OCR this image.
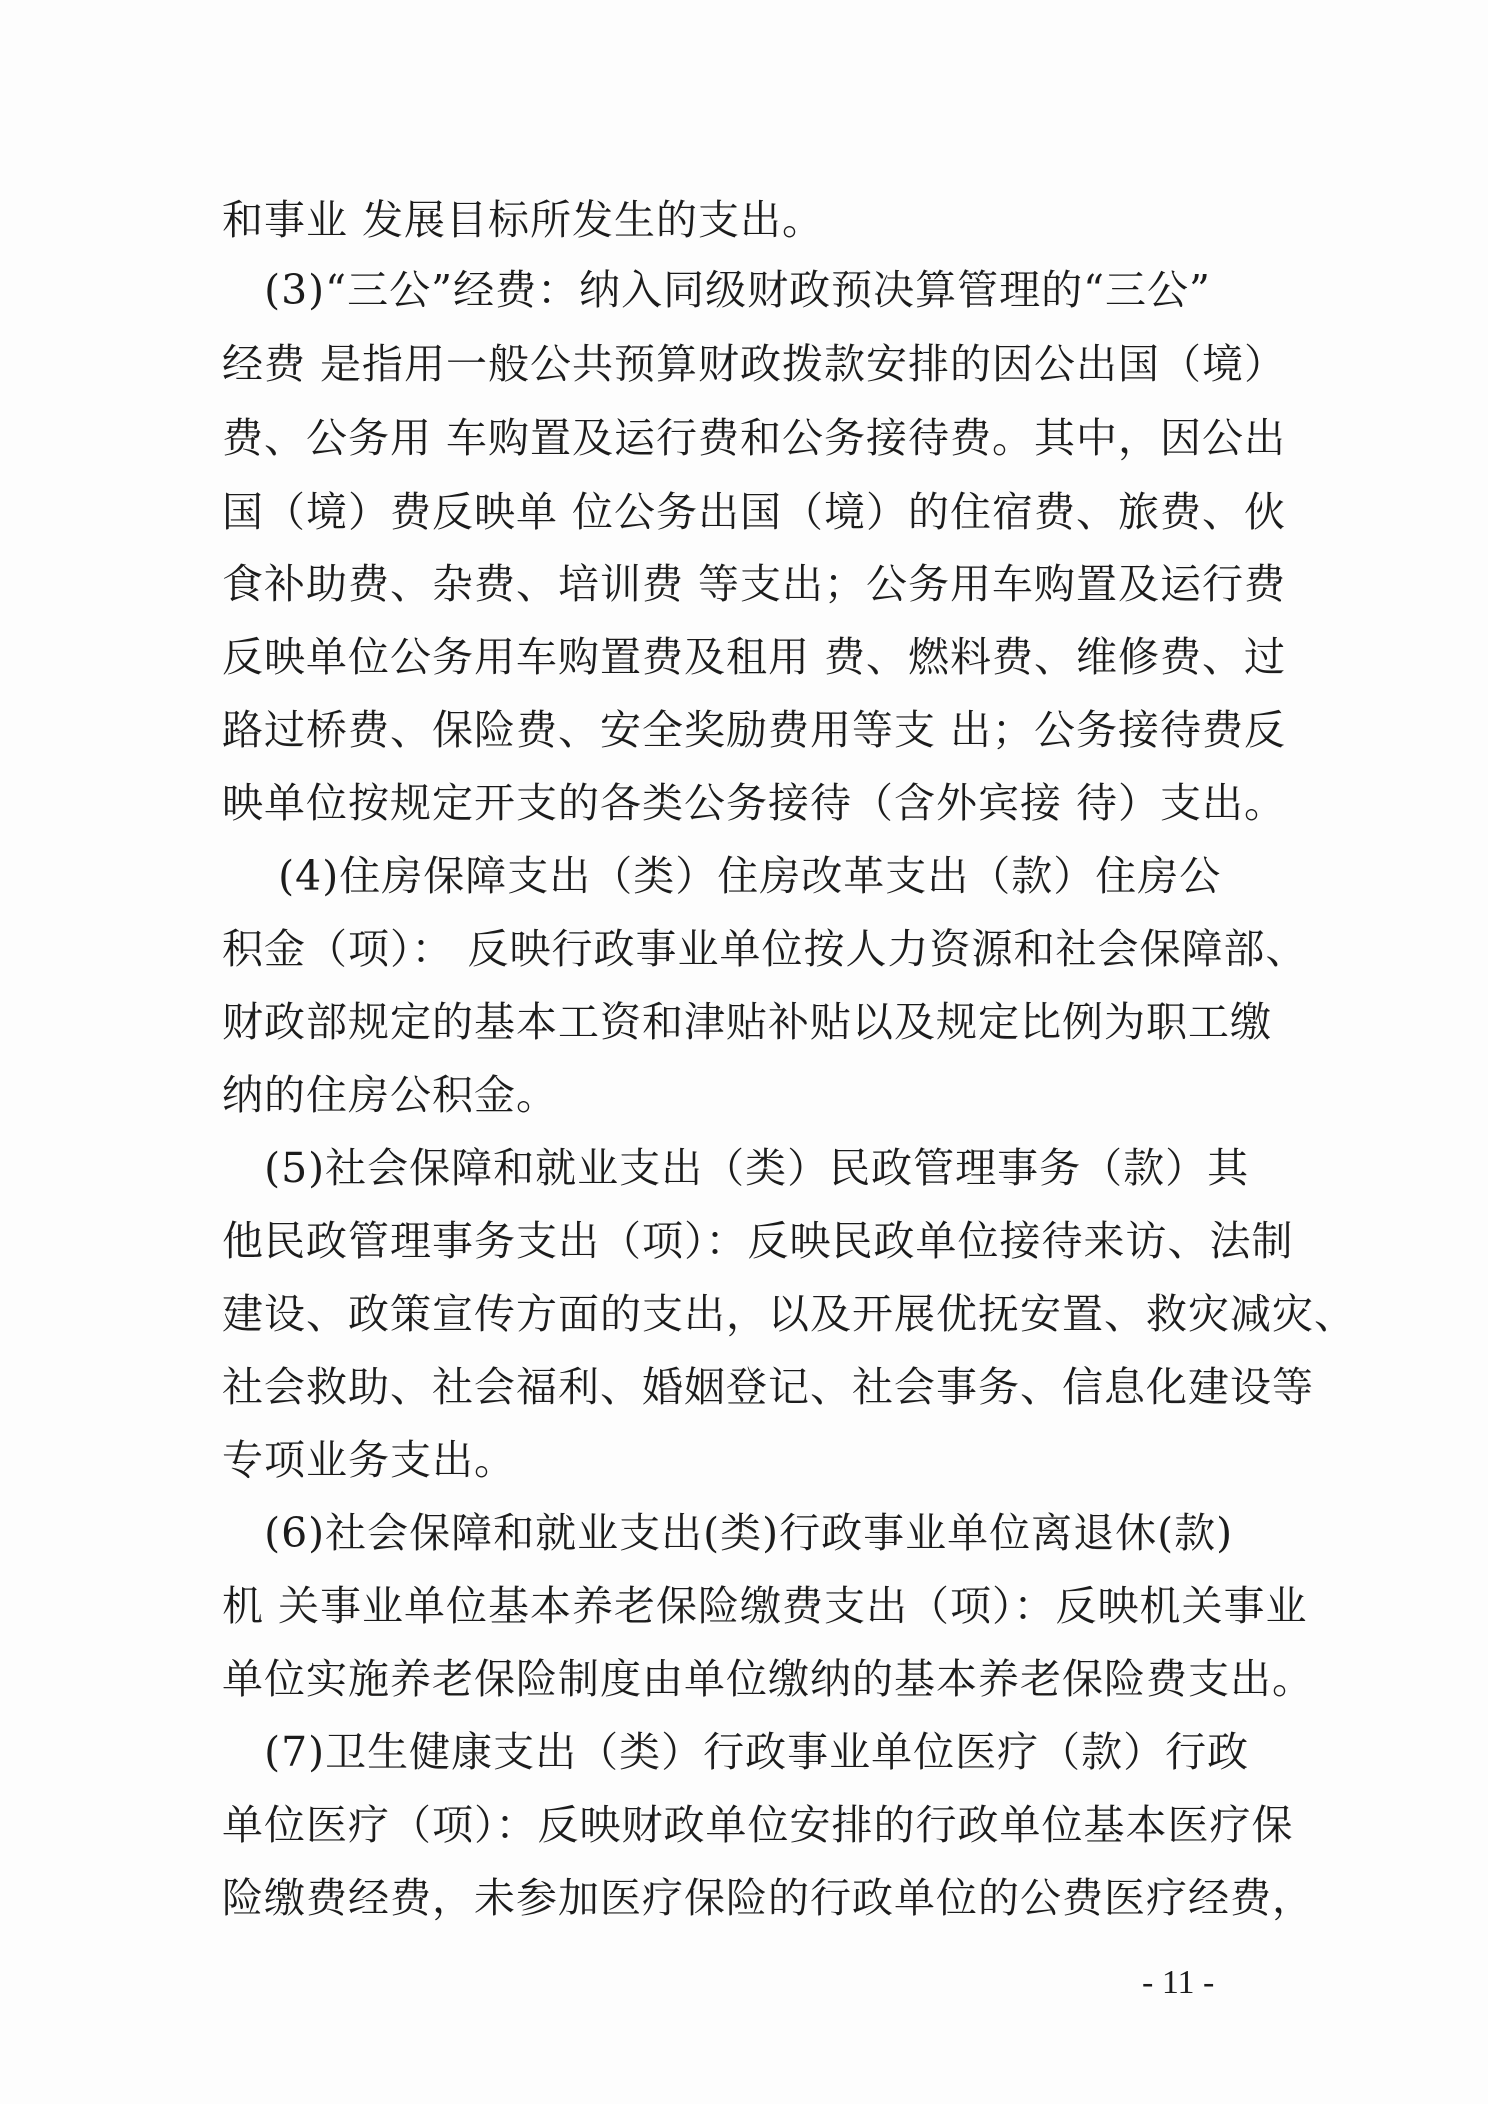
和事业 发展目标所发生的支出。
(3)“三公”经费：纳入同级财政预决算管理的“三公”
经费 是指用一般公共预算财政拨款安排的因公出国（境）
费、公务用 车购置及运行费和公务接待费。其中，因公出
国（境）费反映单 位公务出国（境）的住宿费、旅费、伙
食补助费、杂费、培训费 等支出；公务用车购置及运行费
反映单位公务用车购置费及租用 费、燃料费、维修费、过
路过桥费、保险费、安全奖励费用等支 出；公务接待费反
映单位按规定开支的各类公务接待（含外宾接 待）支出。
(4)住房保障支出（类）住房改革支出（款）住房公
积金（项）： 反映行政事业单位按人力资源和社会保障部、
财政部规定的基本工资和津贴补贴以及规定比例为职工缴
纳的住房公积金。
(5)社会保障和就业支出（类）民政管理事务（款）其
他民政管理事务支出（项）：反映民政单位接待来访、法制
建设、政策宣传方面的支出，以及开展优抚安置、救灾减灾、
社会救助、社会福利、婚姻登记、社会事务、信息化建设等
专项业务支出。
(6)社会保障和就业支出(类)行政事业单位离退休(款)
机 关事业单位基本养老保险缴费支出（项）：反映机关事业
单位实施养老保险制度由单位缴纳的基本养老保险费支出。
(7)卫生健康支出（类）行政事业单位医疗（款）行政
单位医疗（项）：反映财政单位安排的行政单位基本医疗保
险缴费经费，未参加医疗保险的行政单位的公费医疗经费，
- 11 -
